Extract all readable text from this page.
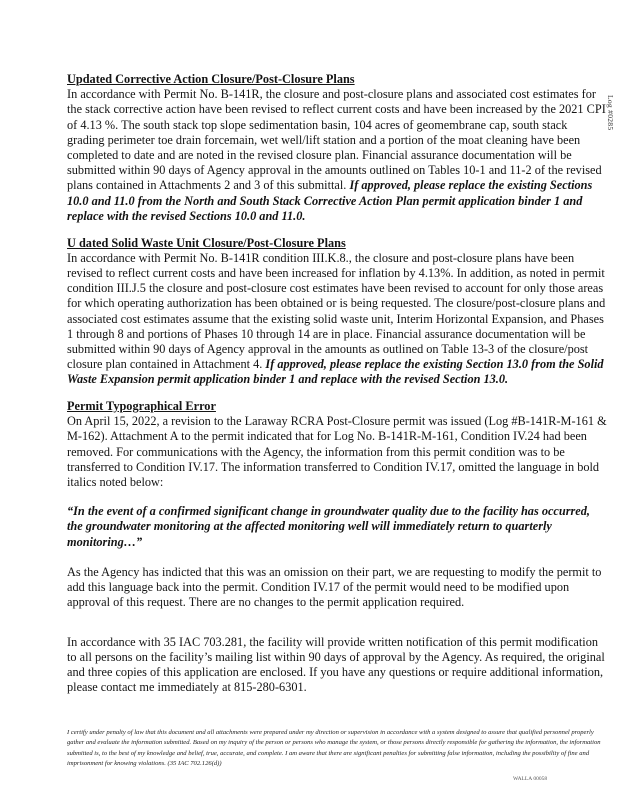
Log #0285

Updated Corrective Action Closure/Post-Closure Plans

In accordance with Permit No. B-141R, the closure and post-closure plans and associated cost estimates for the stack corrective action have been revised to reflect current costs and have been increased by the 2021 CPI of 4.13 %. The south stack top slope sedimentation basin, 104 acres of geomembrane cap, south stack grading perimeter toe drain forcemain, wet well/lift station and a portion of the moat cleaning have been completed to date and are noted in the revised closure plan. Financial assurance documentation will be submitted within 90 days of Agency approval in the amounts outlined on Tables 10-1 and 11-2 of the revised plans contained in Attachments 2 and 3 of this submittal. If approved, please replace the existing Sections 10.0 and 11.0 from the North and South Stack Corrective Action Plan permit application binder 1 and replace with the revised Sections 10.0 and 11.0.

U dated Solid Waste Unit Closure/Post-Closure Plans

In accordance with Permit No. B-141R condition III.K.8., the closure and post-closure plans have been revised to reflect current costs and have been increased for inflation by 4.13%. In addition, as noted in permit condition III.J.5 the closure and post-closure cost estimates have been revised to account for only those areas for which operating authorization has been obtained or is being requested. The closure/post-closure plans and associated cost estimates assume that the existing solid waste unit, Interim Horizontal Expansion, and Phases 1 through 8 and portions of Phases 10 through 14 are in place. Financial assurance documentation will be submitted within 90 days of Agency approval in the amounts as outlined on Table 13-3 of the closure/post closure plan contained in Attachment 4. If approved, please replace the existing Section 13.0 from the Solid Waste Expansion permit application binder 1 and replace with the revised Section 13.0.

Permit Typographical Error

On April 15, 2022, a revision to the Laraway RCRA Post-Closure permit was issued (Log #B-141R-M-161 & M-162). Attachment A to the permit indicated that for Log No. B-141R-M-161, Condition IV.24 had been removed. For communications with the Agency, the information from this permit condition was to be transferred to Condition IV.17. The information transferred to Condition IV.17, omitted the language in bold italics noted below:

“In the event of a confirmed significant change in groundwater quality due to the facility has occurred, the groundwater monitoring at the affected monitoring well will immediately return to quarterly monitoring…”

As the Agency has indicted that this was an omission on their part, we are requesting to modify the permit to add this language back into the permit. Condition IV.17 of the permit would need to be modified upon approval of this request. There are no changes to the permit application required.

In accordance with 35 IAC 703.281, the facility will provide written notification of this permit modification to all persons on the facility’s mailing list within 90 days of approval by the Agency. As required, the original and three copies of this application are enclosed. If you have any questions or require additional information, please contact me immediately at 815-280-6301.

I certify under penalty of law that this document and all attachments were prepared under my direction or supervision in accordance with a system designed to assure that qualified personnel properly gather and evaluate the information submitted. Based on my inquiry of the person or persons who manage the system, or those persons directly responsible for gathering the information, the information submitted is, to the best of my knowledge and belief, true, accurate, and complete. I am aware that there are significant penalties for submitting false information, including the possibility of fine and imprisonment for knowing violations. (35 IAC 702.126(d))
WALLA 00058
